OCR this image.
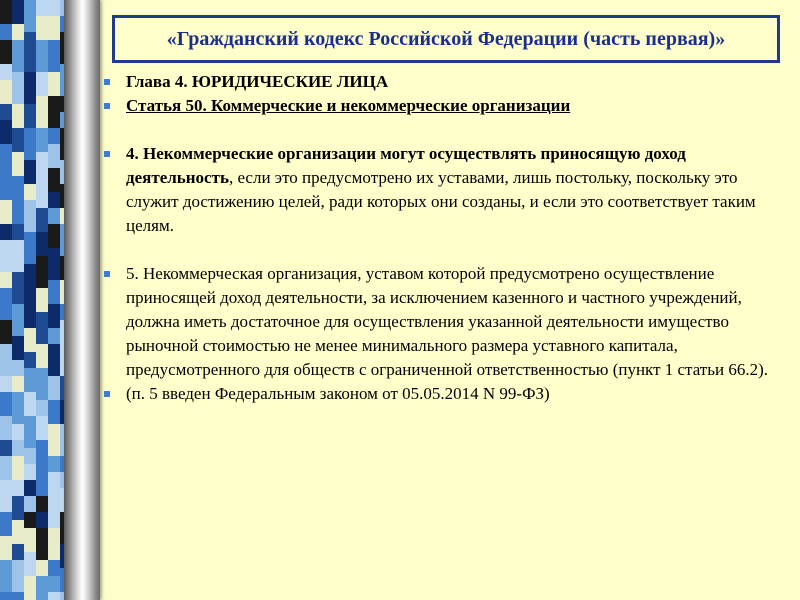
«Гражданский кодекс Российской Федерации (часть первая)»
Глава 4. ЮРИДИЧЕСКИЕ ЛИЦА
Статья 50. Коммерческие и некоммерческие организации
4. Некоммерческие организации могут осуществлять приносящую доход деятельность, если это предусмотрено их уставами, лишь постольку, поскольку это служит достижению целей, ради которых они созданы, и если это соответствует таким целям.
5. Некоммерческая организация, уставом которой предусмотрено осуществление приносящей доход деятельности, за исключением казенного и частного учреждений, должна иметь достаточное для осуществления указанной деятельности имущество рыночной стоимостью не менее минимального размера уставного капитала, предусмотренного для обществ с ограниченной ответственностью (пункт 1 статьи 66.2).
(п. 5 введен Федеральным законом от 05.05.2014 N 99-ФЗ)
